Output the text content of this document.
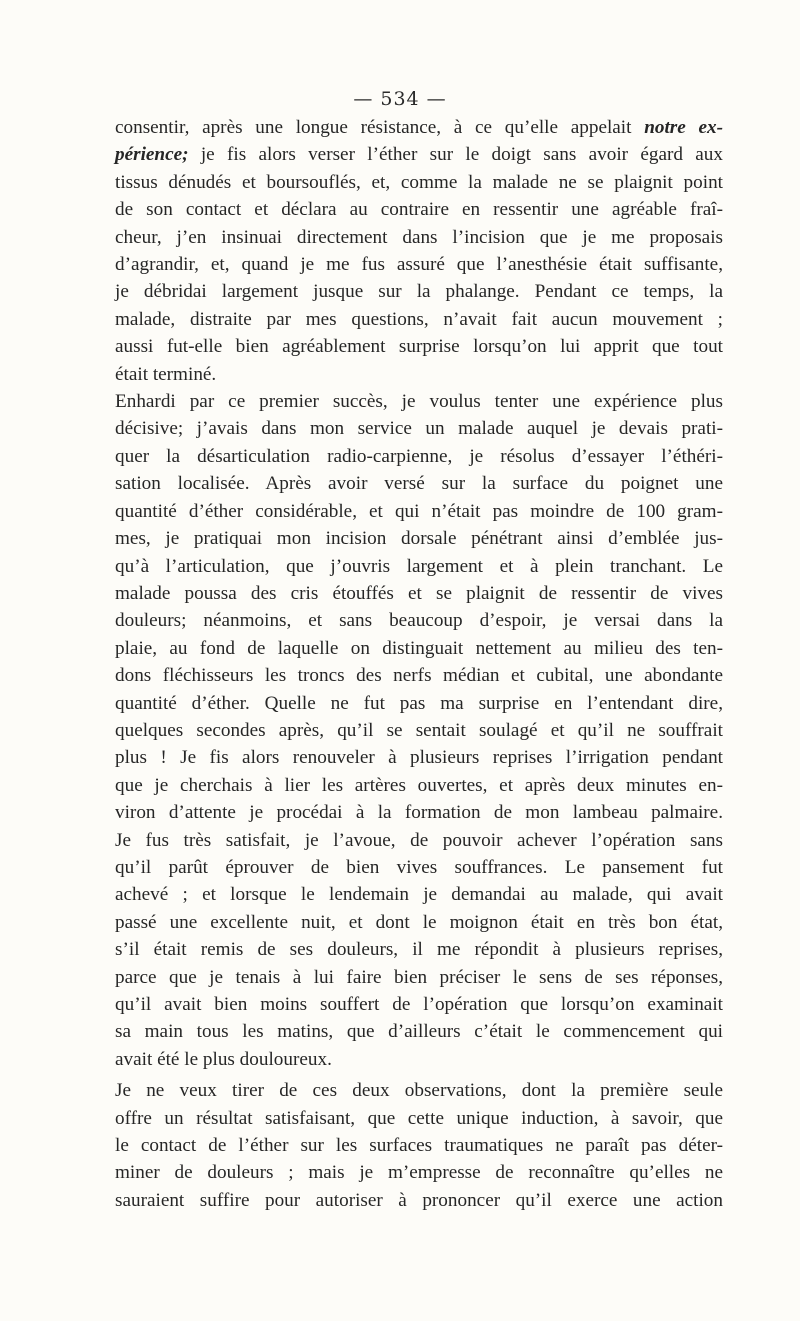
— 534 —
consentir, après une longue résistance, à ce qu’elle appelait notre ex-
périence; je fis alors verser l’éther sur le doigt sans avoir égard aux
tissus dénudés et boursouflés, et, comme la malade ne se plaignit point
de son contact et déclara au contraire en ressentir une agréable fraî-
cheur, j’en insinuai directement dans l’incision que je me proposais
d’agrandir, et, quand je me fus assuré que l’anesthésie était suffisante,
je débridai largement jusque sur la phalange. Pendant ce temps, la
malade, distraite par mes questions, n’avait fait aucun mouvement ;
aussi fut-elle bien agréablement surprise lorsqu’on lui apprit que tout
était terminé.
Enhardi par ce premier succès, je voulus tenter une expérience plus
décisive; j’avais dans mon service un malade auquel je devais prati-
quer la désarticulation radio-carpienne, je résolus d’essayer l’éthéri-
sation localisée. Après avoir versé sur la surface du poignet une
quantité d’éther considérable, et qui n’était pas moindre de 100 gram-
mes, je pratiquai mon incision dorsale pénétrant ainsi d’emblée jus-
qu’à l’articulation, que j’ouvris largement et à plein tranchant. Le
malade poussa des cris étouffés et se plaignit de ressentir de vives
douleurs; néanmoins, et sans beaucoup d’espoir, je versai dans la
plaie, au fond de laquelle on distinguait nettement au milieu des ten-
dons fléchisseurs les troncs des nerfs médian et cubital, une abondante
quantité d’éther. Quelle ne fut pas ma surprise en l’entendant dire,
quelques secondes après, qu’il se sentait soulagé et qu’il ne souffrait
plus ! Je fis alors renouveler à plusieurs reprises l’irrigation pendant
que je cherchais à lier les artères ouvertes, et après deux minutes en-
viron d’attente je procédai à la formation de mon lambeau palmaire.
Je fus très satisfait, je l’avoue, de pouvoir achever l’opération sans
qu’il parût éprouver de bien vives souffrances. Le pansement fut
achevé ; et lorsque le lendemain je demandai au malade, qui avait
passé une excellente nuit, et dont le moignon était en très bon état,
s’il était remis de ses douleurs, il me répondit à plusieurs reprises,
parce que je tenais à lui faire bien préciser le sens de ses réponses,
qu’il avait bien moins souffert de l’opération que lorsqu’on examinait
sa main tous les matins, que d’ailleurs c’était le commencement qui
avait été le plus douloureux.
Je ne veux tirer de ces deux observations, dont la première seule
offre un résultat satisfaisant, que cette unique induction, à savoir, que
le contact de l’éther sur les surfaces traumatiques ne paraît pas déter-
miner de douleurs ; mais je m’empresse de reconnaître qu’elles ne
sauraient suffire pour autoriser à prononcer qu’il exerce une action
